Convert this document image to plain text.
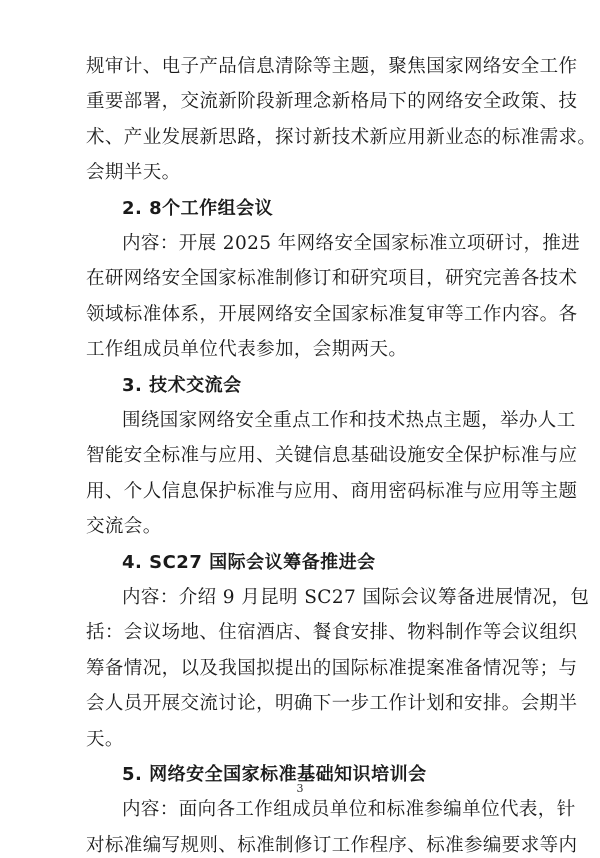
3
规审计、电子产品信息清除等主题，聚焦国家网络安全工作
重要部署，交流新阶段新理念新格局下的网络安全政策、技
术、产业发展新思路，探讨新技术新应用新业态的标准需求。
会期半天。
2. 8个工作组会议
内容：开展 2025 年网络安全国家标准立项研讨，推进
在研网络安全国家标准制修订和研究项目，研究完善各技术
领域标准体系，开展网络安全国家标准复审等工作内容。各
工作组成员单位代表参加，会期两天。
3. 技术交流会
围绕国家网络安全重点工作和技术热点主题，举办人工
智能安全标准与应用、关键信息基础设施安全保护标准与应
用、个人信息保护标准与应用、商用密码标准与应用等主题
交流会。
4. SC27 国际会议筹备推进会
内容：介绍 9 月昆明 SC27 国际会议筹备进展情况，包
括：会议场地、住宿酒店、餐食安排、物料制作等会议组织
筹备情况，以及我国拟提出的国际标准提案准备情况等；与
会人员开展交流讨论，明确下一步工作计划和安排。会期半
天。
5. 网络安全国家标准基础知识培训会
内容：面向各工作组成员单位和标准参编单位代表，针
对标准编写规则、标准制修订工作程序、标准参编要求等内
